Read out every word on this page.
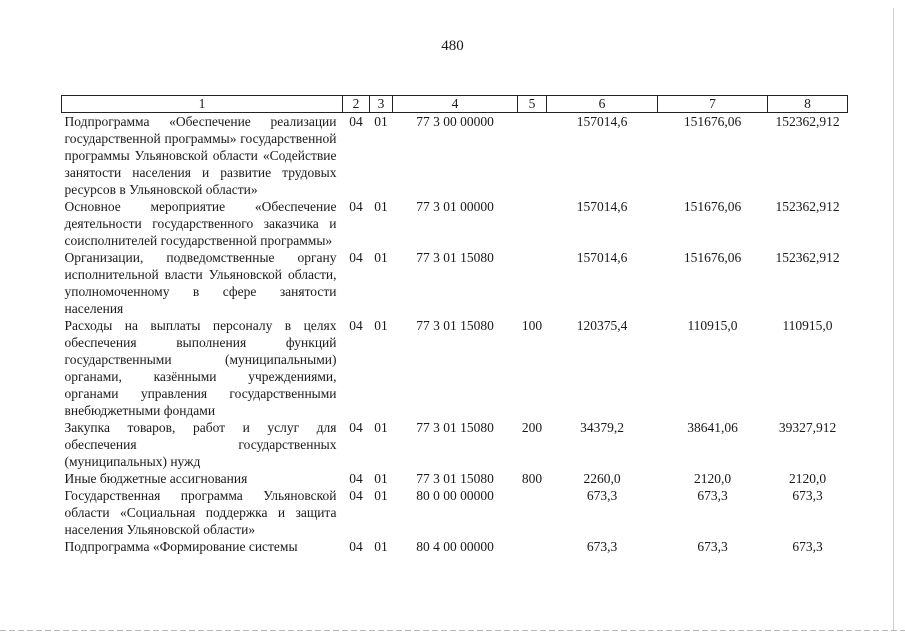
480
1	2	3	4	5	6	7	8
Подпрограмма «Обеспечение реализации государственной программы» государственной программы Ульяновской области «Содействие занятости населения и развитие трудовых ресурсов в Ульяновской области»	04	01	77 3 00 00000		157014,6	151676,06	152362,912
Основное мероприятие «Обеспечение деятельности государственного заказчика и соисполнителей государственной программы»	04	01	77 3 01 00000		157014,6	151676,06	152362,912
Организации, подведомственные органу исполнительной власти Ульяновской области, уполномоченному в сфере занятости населения	04	01	77 3 01 15080		157014,6	151676,06	152362,912
Расходы на выплаты персоналу в целях обеспечения выполнения функций государственными (муниципальными) органами, казёнными учреждениями, органами управления государственными внебюджетными фондами	04	01	77 3 01 15080	100	120375,4	110915,0	110915,0
Закупка товаров, работ и услуг для обеспечения государственных (муниципальных) нужд	04	01	77 3 01 15080	200	34379,2	38641,06	39327,912
Иные бюджетные ассигнования	04	01	77 3 01 15080	800	2260,0	2120,0	2120,0
Государственная программа Ульяновской области «Социальная поддержка и защита населения Ульяновской области»	04	01	80 0 00 00000		673,3	673,3	673,3
Подпрограмма «Формирование системы	04	01	80 4 00 00000		673,3	673,3	673,3
